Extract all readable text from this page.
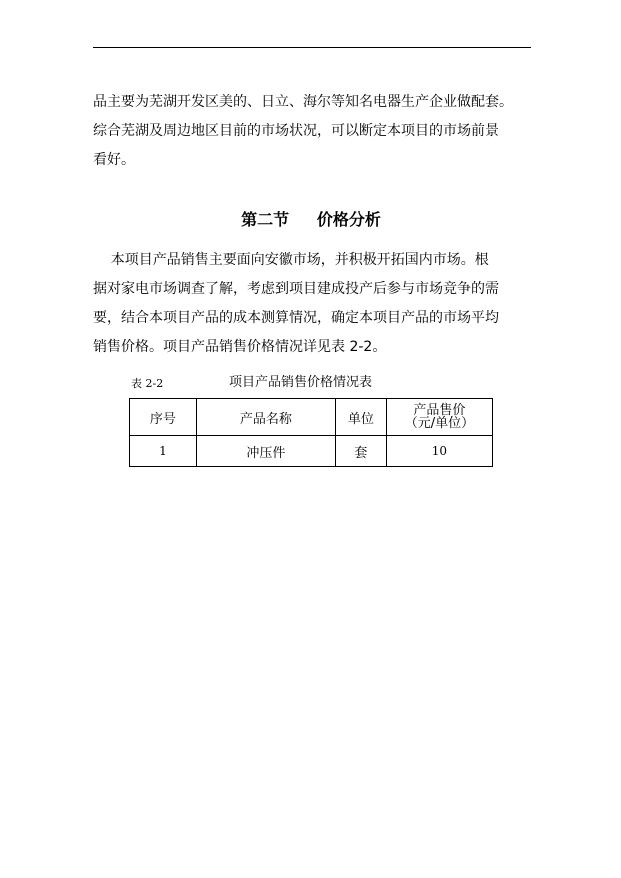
品主要为芜湖开发区美的、日立、海尔等知名电器生产企业做配套。
综合芜湖及周边地区目前的市场状况，可以断定本项目的市场前景
看好。
第二节     价格分析
本项目产品销售主要面向安徽市场，并积极开拓国内市场。根
据对家电市场调查了解，考虑到项目建成投产后参与市场竞争的需
要，结合本项目产品的成本测算情况，确定本项目产品的市场平均
销售价格。项目产品销售价格情况详见表 2-2。
表 2-2	项目产品销售价格情况表
序号	产品名称	单位	产品售价
（元/单位）

1	冲压件	套	10
